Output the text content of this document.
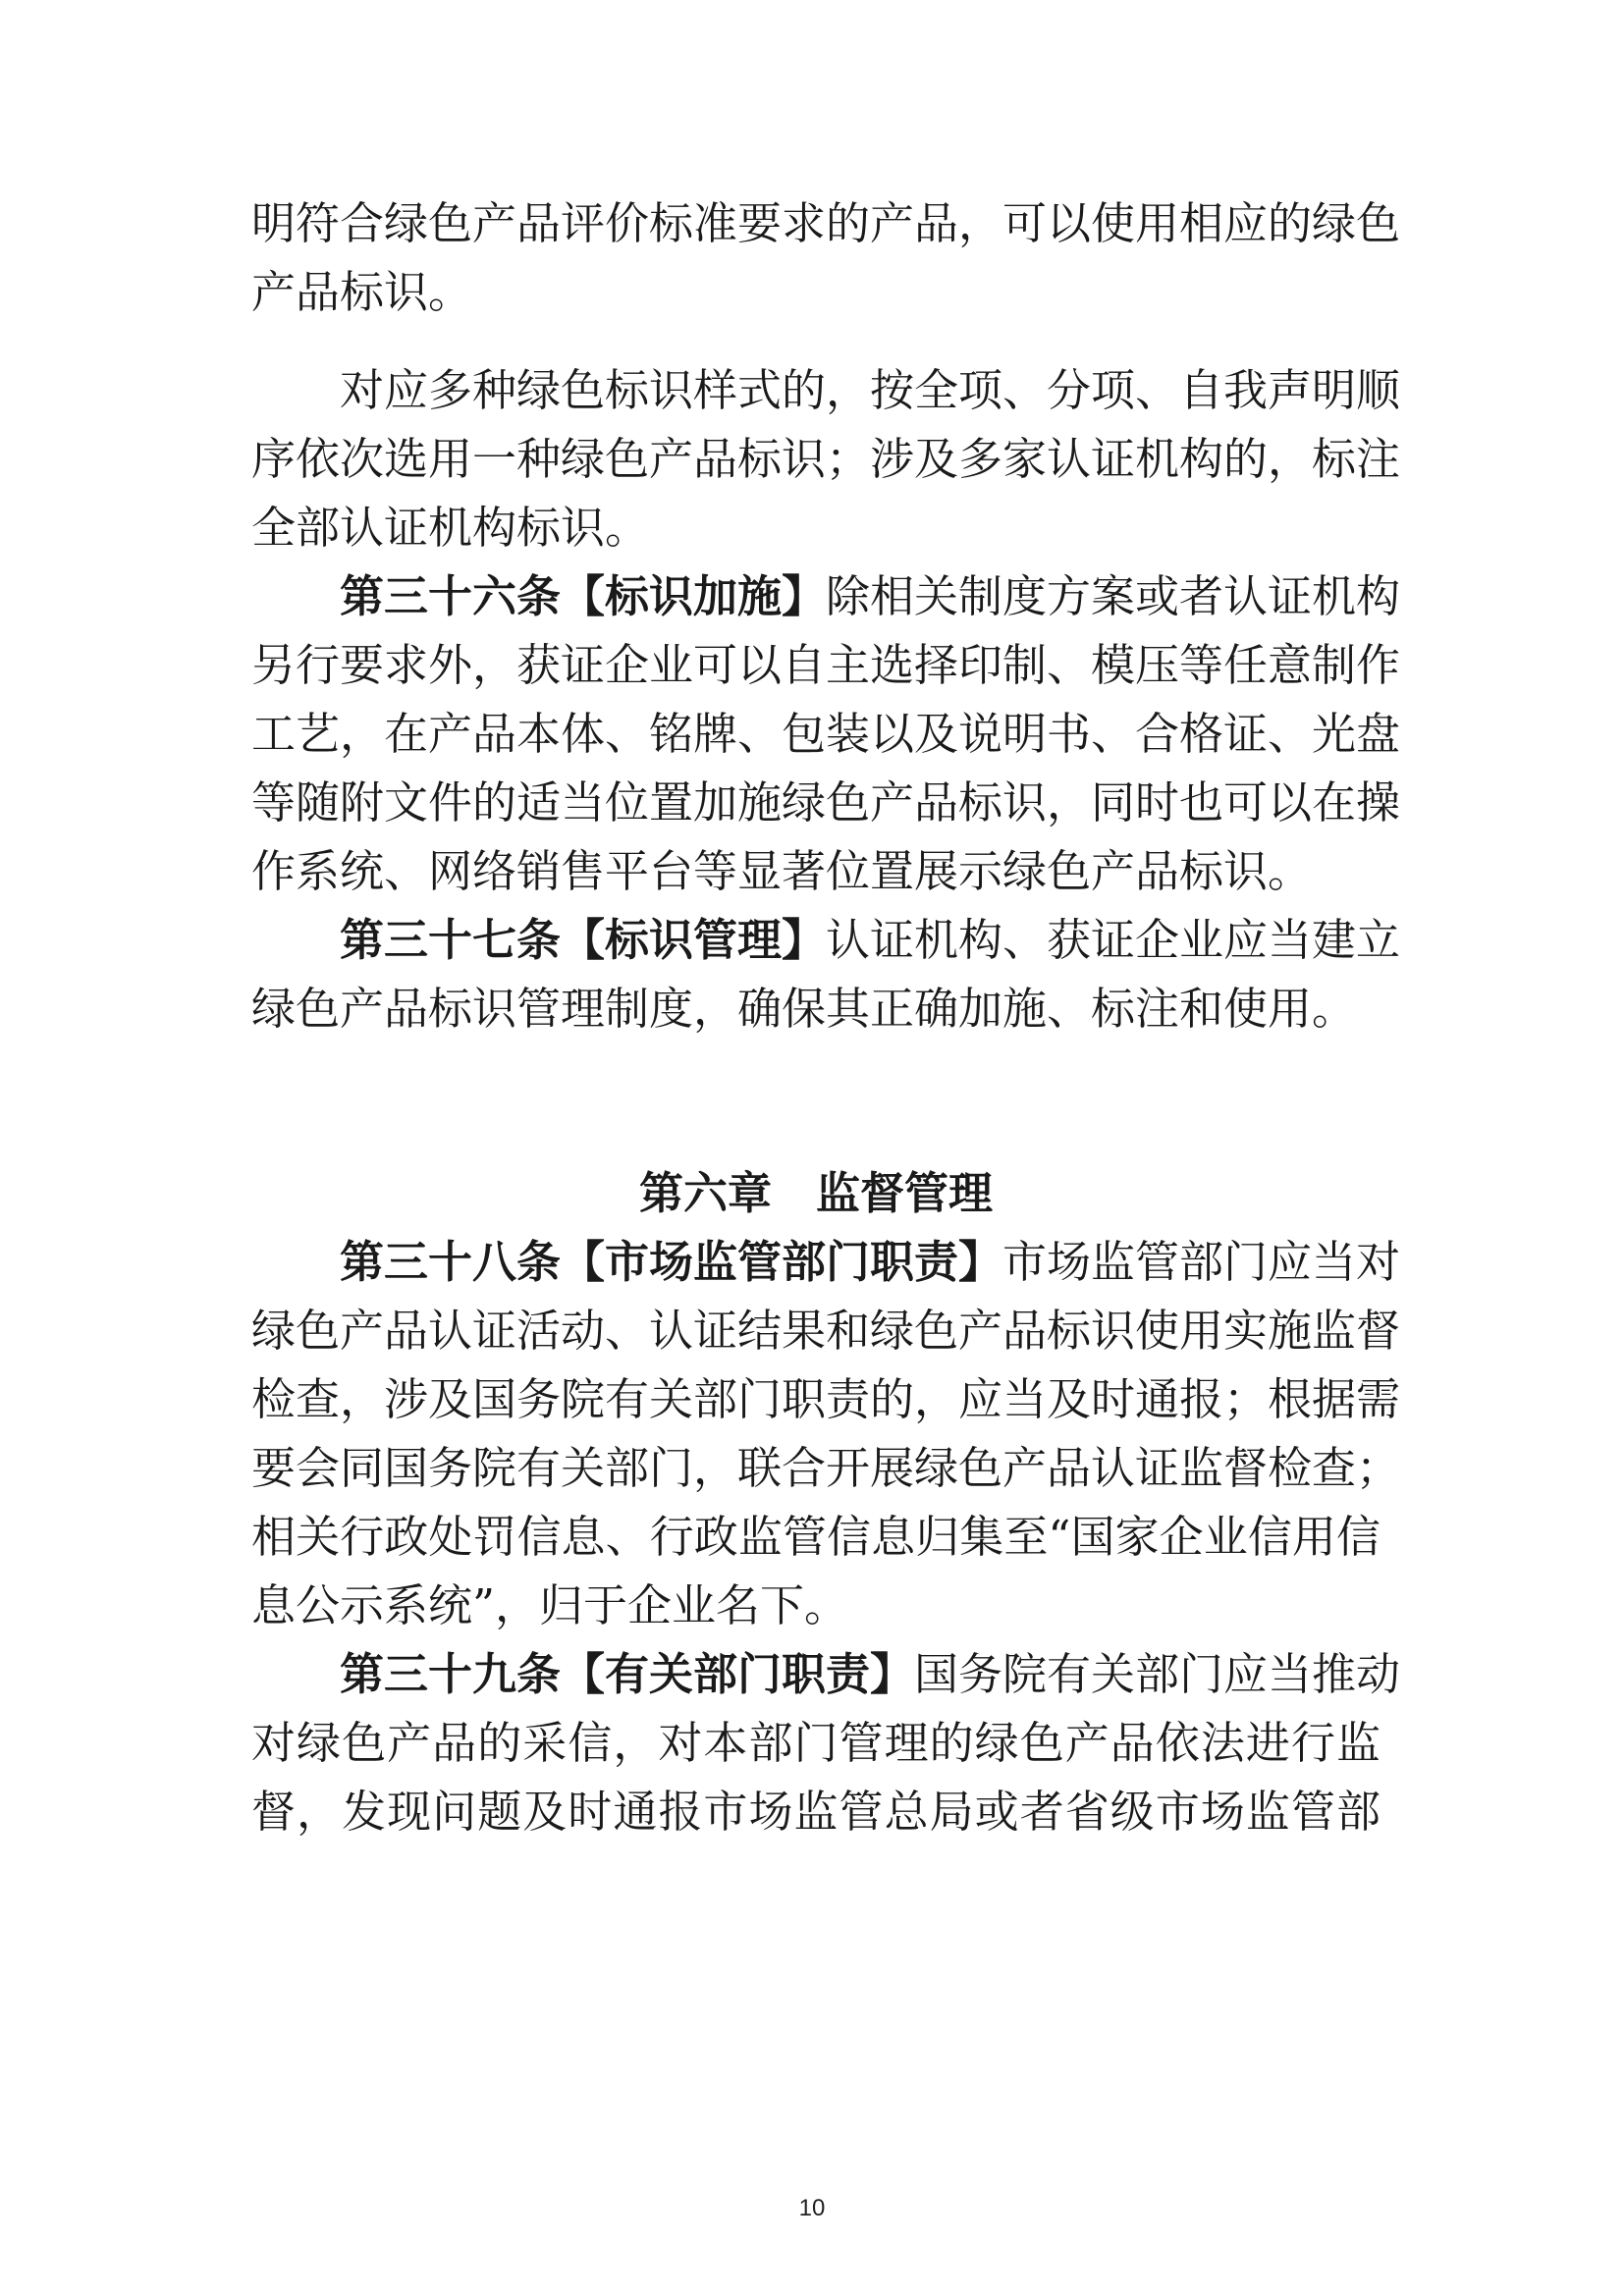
明符合绿色产品评价标准要求的产品，可以使用相应的绿色

产品标识。

对应多种绿色标识样式的，按全项、分项、自我声明顺

序依次选用一种绿色产品标识；涉及多家认证机构的，标注

全部认证机构标识。

第三十六条【标识加施】除相关制度方案或者认证机构

另行要求外，获证企业可以自主选择印制、模压等任意制作

工艺，在产品本体、铭牌、包装以及说明书、合格证、光盘

等随附文件的适当位置加施绿色产品标识，同时也可以在操

作系统、网络销售平台等显著位置展示绿色产品标识。

第三十七条【标识管理】认证机构、获证企业应当建立

绿色产品标识管理制度，确保其正确加施、标注和使用。

第六章　监督管理

第三十八条【市场监管部门职责】市场监管部门应当对

绿色产品认证活动、认证结果和绿色产品标识使用实施监督

检查，涉及国务院有关部门职责的，应当及时通报；根据需

要会同国务院有关部门，联合开展绿色产品认证监督检查；

相关行政处罚信息、行政监管信息归集至“国家企业信用信

息公示系统”，归于企业名下。

第三十九条【有关部门职责】国务院有关部门应当推动

对绿色产品的采信，对本部门管理的绿色产品依法进行监

督，发现问题及时通报市场监管总局或者省级市场监管部

10
